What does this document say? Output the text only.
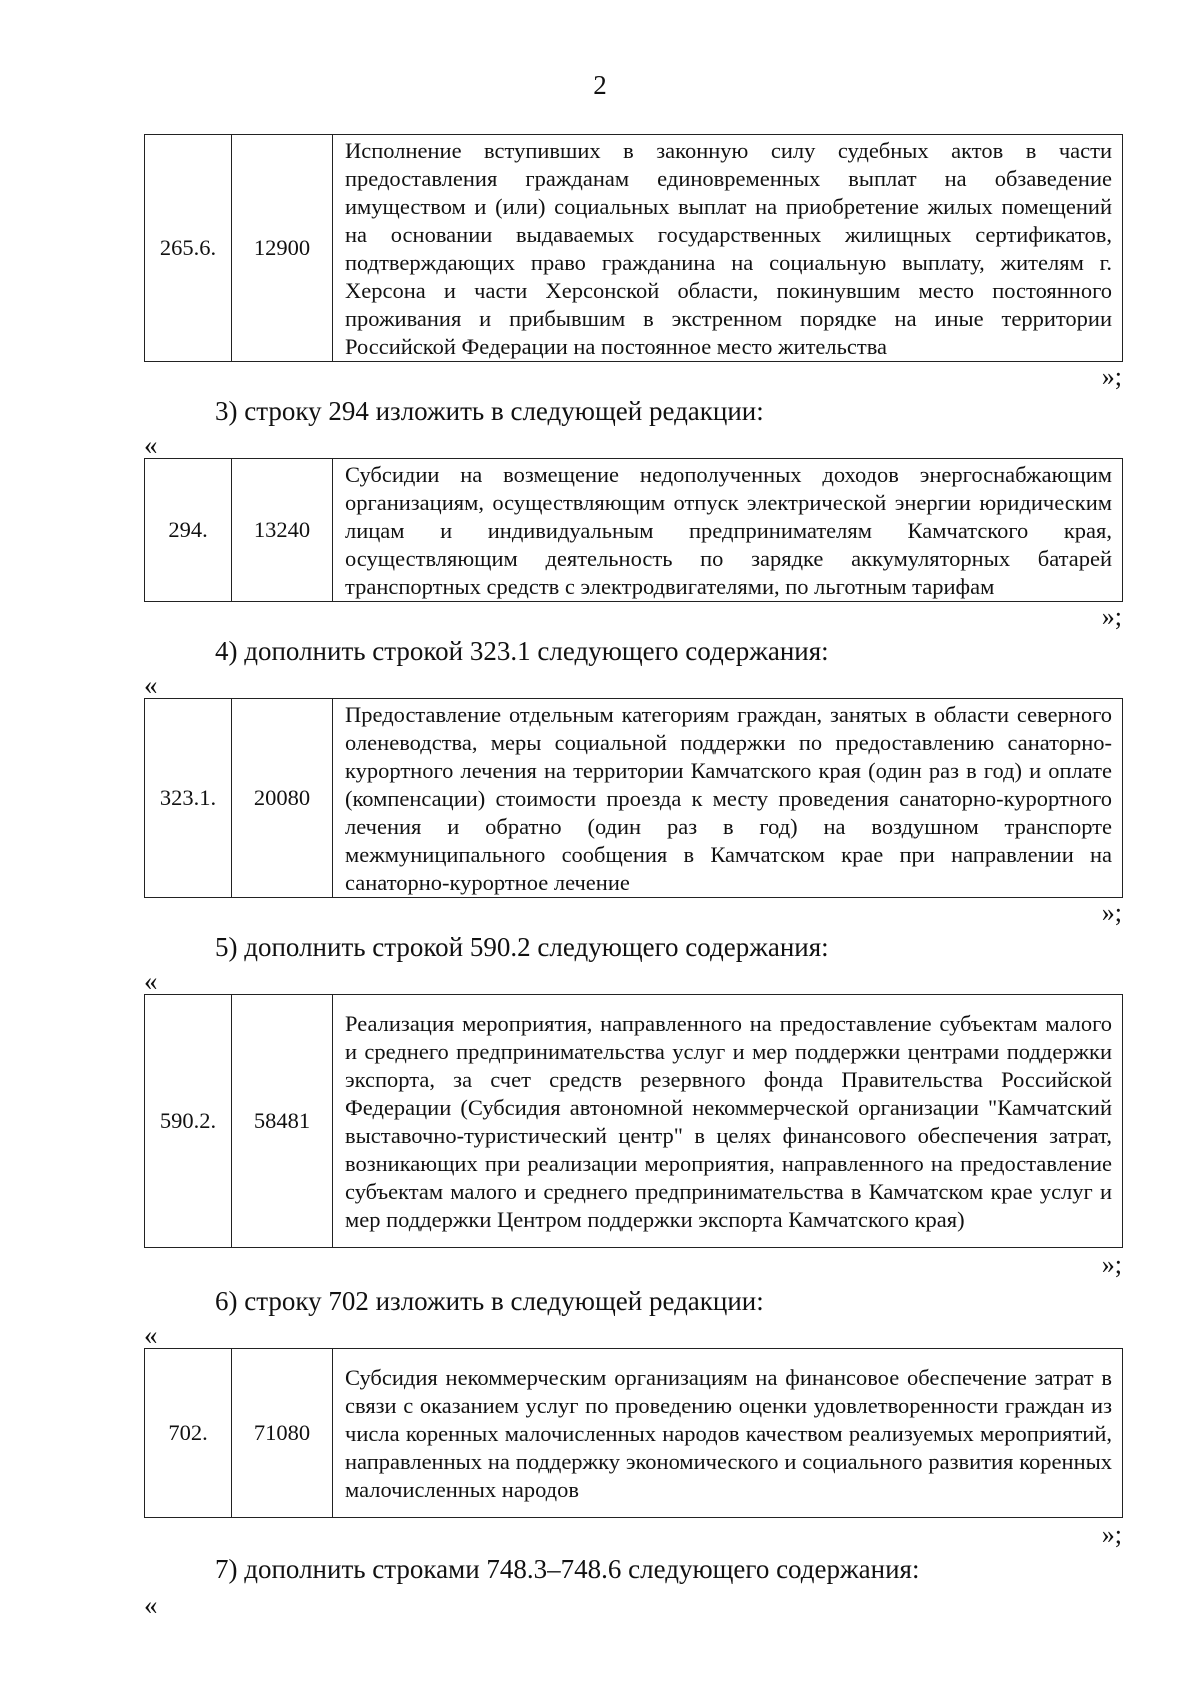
2
265.6.	12900	Исполнение вступивших в законную силу судебных актов в части предоставления гражданам единовременных выплат на обзаведение имуществом и (или) социальных выплат на приобретение жилых помещений на основании выдаваемых государственных жилищных сертификатов, подтверждающих право гражданина на социальную выплату, жителям г. Херсона и части Херсонской области, покинувшим место постоянного проживания и прибывшим в экстренном порядке на иные территории Российской Федерации на постоянное место жительства
»;
3) строку 294 изложить в следующей редакции:
«
294.	13240	Субсидии на возмещение недополученных доходов энергоснабжающим организациям, осуществляющим отпуск электрической энергии юридическим лицам и индивидуальным предпринимателям Камчатского края, осуществляющим деятельность по зарядке аккумуляторных батарей транспортных средств с электродвигателями, по льготным тарифам
»;
4) дополнить строкой 323.1 следующего содержания:
«
323.1.	20080	Предоставление отдельным категориям граждан, занятых в области северного оленеводства, меры социальной поддержки по предоставлению санаторно-курортного лечения на территории Камчатского края (один раз в год) и оплате (компенсации) стоимости проезда к месту проведения санаторно-курортного лечения и обратно (один раз в год) на воздушном транспорте межмуниципального сообщения в Камчатском крае при направлении на санаторно-курортное лечение
»;
5) дополнить строкой 590.2 следующего содержания:
«
590.2.	58481	Реализация мероприятия, направленного на предоставление субъектам малого и среднего предпринимательства услуг и мер поддержки центрами поддержки экспорта, за счет средств резервного фонда Правительства Российской Федерации (Субсидия автономной некоммерческой организации "Камчатский выставочно-туристический центр" в целях финансового обеспечения затрат, возникающих при реализации мероприятия, направленного на предоставление субъектам малого и среднего предпринимательства в Камчатском крае услуг и мер поддержки Центром поддержки экспорта Камчатского края)
»;
6) строку 702 изложить в следующей редакции:
«
702.	71080	Субсидия некоммерческим организациям на финансовое обеспечение затрат в связи с оказанием услуг по проведению оценки удовлетворенности граждан из числа коренных малочисленных народов качеством реализуемых мероприятий, направленных на поддержку экономического и социального развития коренных малочисленных народов
»;
7) дополнить строками 748.3–748.6 следующего содержания:
«
